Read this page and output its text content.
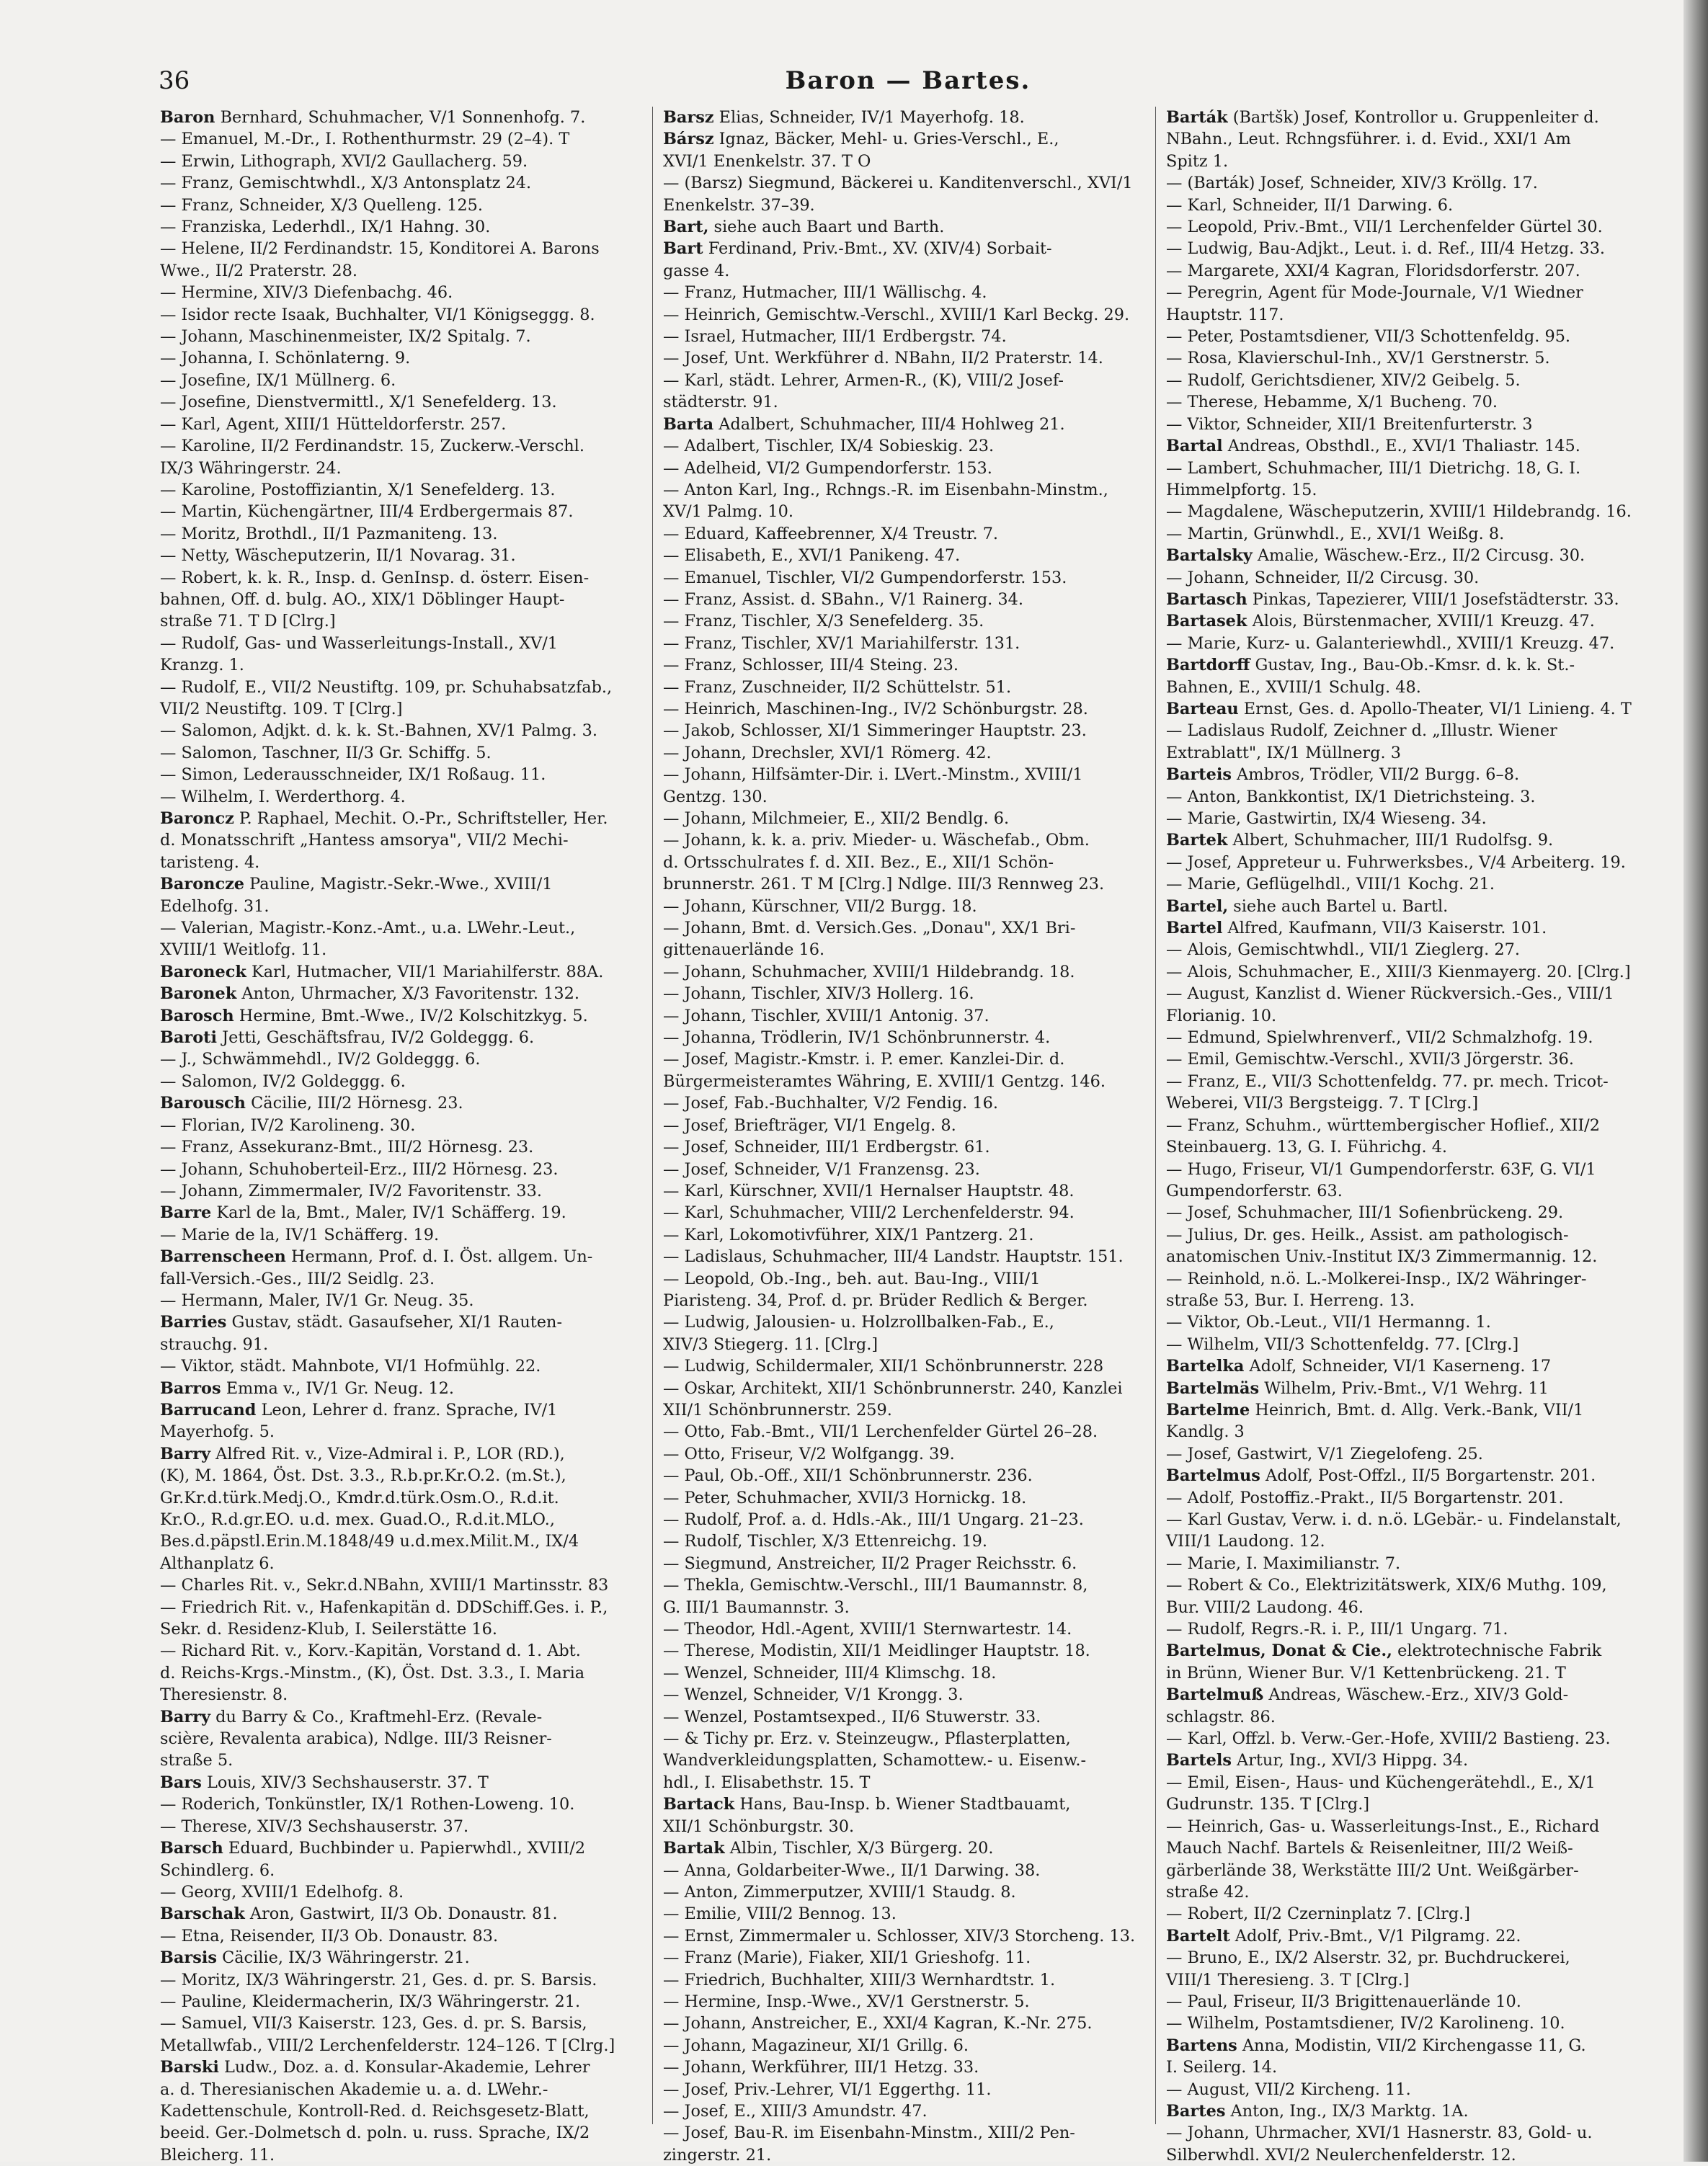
36	Baron — Bartes.
Baron Bernhard, Schuhmacher, V/1 Sonnenhofg. 7.
— Emanuel, M.-Dr., I. Rothenthurmstr. 29 (2–4). T
— Erwin, Lithograph, XVI/2 Gaullacherg. 59.
— Franz, Gemischtwhdl., X/3 Antonsplatz 24.
— Franz, Schneider, X/3 Quelleng. 125.
— Franziska, Lederhdl., IX/1 Hahng. 30.
— Helene, II/2 Ferdinandstr. 15, Konditorei A. Barons
Wwe., II/2 Praterstr. 28.
— Hermine, XIV/3 Diefenbachg. 46.
— Isidor recte Isaak, Buchhalter, VI/1 Königseggg. 8.
— Johann, Maschinenmeister, IX/2 Spitalg. 7.
— Johanna, I. Schönlaterng. 9.
— Josefine, IX/1 Müllnerg. 6.
— Josefine, Dienstvermittl., X/1 Senefelderg. 13.
— Karl, Agent, XIII/1 Hütteldorferstr. 257.
— Karoline, II/2 Ferdinandstr. 15, Zuckerw.-Verschl.
IX/3 Währingerstr. 24.
— Karoline, Postoffiziantin, X/1 Senefelderg. 13.
— Martin, Küchengärtner, III/4 Erdbergermais 87.
— Moritz, Brothdl., II/1 Pazmaniteng. 13.
— Netty, Wäscheputzerin, II/1 Novarag. 31.
— Robert, k. k. R., Insp. d. GenInsp. d. österr. Eisen-
bahnen, Off. d. bulg. AO., XIX/1 Döblinger Haupt-
straße 71. T D [Clrg.]
— Rudolf, Gas- und Wasserleitungs-Install., XV/1
Kranzg. 1.
— Rudolf, E., VII/2 Neustiftg. 109, pr. Schuhabsatzfab.,
VII/2 Neustiftg. 109. T [Clrg.]
— Salomon, Adjkt. d. k. k. St.-Bahnen, XV/1 Palmg. 3.
— Salomon, Taschner, II/3 Gr. Schiffg. 5.
— Simon, Lederausschneider, IX/1 Roßaug. 11.
— Wilhelm, I. Werderthorg. 4.
Baroncz P. Raphael, Mechit. O.-Pr., Schriftsteller, Her.
d. Monatsschrift „Hantess amsorya", VII/2 Mechi-
taristeng. 4.
Baroncze Pauline, Magistr.-Sekr.-Wwe., XVIII/1
Edelhofg. 31.
— Valerian, Magistr.-Konz.-Amt., u.a. LWehr.-Leut.,
XVIII/1 Weitlofg. 11.
Baroneck Karl, Hutmacher, VII/1 Mariahilferstr. 88A.
Baronek Anton, Uhrmacher, X/3 Favoritenstr. 132.
Barosch Hermine, Bmt.-Wwe., IV/2 Kolschitzkyg. 5.
Baroti Jetti, Geschäftsfrau, IV/2 Goldeggg. 6.
— J., Schwämmehdl., IV/2 Goldeggg. 6.
— Salomon, IV/2 Goldeggg. 6.
Barousch Cäcilie, III/2 Hörnesg. 23.
— Florian, IV/2 Karolineng. 30.
— Franz, Assekuranz-Bmt., III/2 Hörnesg. 23.
— Johann, Schuhoberteil-Erz., III/2 Hörnesg. 23.
— Johann, Zimmermaler, IV/2 Favoritenstr. 33.
Barre Karl de la, Bmt., Maler, IV/1 Schäfferg. 19.
— Marie de la, IV/1 Schäfferg. 19.
Barrenscheen Hermann, Prof. d. I. Öst. allgem. Un-
fall-Versich.-Ges., III/2 Seidlg. 23.
— Hermann, Maler, IV/1 Gr. Neug. 35.
Barries Gustav, städt. Gasaufseher, XI/1 Rauten-
strauchg. 91.
— Viktor, städt. Mahnbote, VI/1 Hofmühlg. 22.
Barros Emma v., IV/1 Gr. Neug. 12.
Barrucand Leon, Lehrer d. franz. Sprache, IV/1
Mayerhofg. 5.
Barry Alfred Rit. v., Vize-Admiral i. P., LOR (RD.),
(K), M. 1864, Öst. Dst. 3.3., R.b.pr.Kr.O.2. (m.St.),
Gr.Kr.d.türk.Medj.O., Kmdr.d.türk.Osm.O., R.d.it.
Kr.O., R.d.gr.EO. u.d. mex. Guad.O., R.d.it.MLO.,
Bes.d.päpstl.Erin.M.1848/49 u.d.mex.Milit.M., IX/4
Althanplatz 6.
— Charles Rit. v., Sekr.d.NBahn, XVIII/1 Martinsstr. 83
— Friedrich Rit. v., Hafenkapitän d. DDSchiff.Ges. i. P.,
Sekr. d. Residenz-Klub, I. Seilerstätte 16.
— Richard Rit. v., Korv.-Kapitän, Vorstand d. 1. Abt.
d. Reichs-Krgs.-Minstm., (K), Öst. Dst. 3.3., I. Maria
Theresienstr. 8.
Barry du Barry & Co., Kraftmehl-Erz. (Revale-
scière, Revalenta arabica), Ndlge. III/3 Reisner-
straße 5.
Bars Louis, XIV/3 Sechshauserstr. 37. T
— Roderich, Tonkünstler, IX/1 Rothen-Loweng. 10.
— Therese, XIV/3 Sechshauserstr. 37.
Barsch Eduard, Buchbinder u. Papierwhdl., XVIII/2
Schindlerg. 6.
— Georg, XVIII/1 Edelhofg. 8.
Barschak Aron, Gastwirt, II/3 Ob. Donaustr. 81.
— Etna, Reisender, II/3 Ob. Donaustr. 83.
Barsis Cäcilie, IX/3 Währingerstr. 21.
— Moritz, IX/3 Währingerstr. 21, Ges. d. pr. S. Barsis.
— Pauline, Kleidermacherin, IX/3 Währingerstr. 21.
— Samuel, VII/3 Kaiserstr. 123, Ges. d. pr. S. Barsis,
Metallwfab., VIII/2 Lerchenfelderstr. 124–126. T [Clrg.]
Barski Ludw., Doz. a. d. Konsular-Akademie, Lehrer
a. d. Theresianischen Akademie u. a. d. LWehr.-
Kadettenschule, Kontroll-Red. d. Reichsgesetz-Blatt,
beeid. Ger.-Dolmetsch d. poln. u. russ. Sprache, IX/2
Bleicherg. 11.
Barsz Elias, Schneider, IV/1 Mayerhofg. 18.
Bársz Ignaz, Bäcker, Mehl- u. Gries-Verschl., E.,
XVI/1 Enenkelstr. 37. T O
— (Barsz) Siegmund, Bäckerei u. Kanditenverschl., XVI/1
Enenkelstr. 37–39.
Bart, siehe auch Baart und Barth.
Bart Ferdinand, Priv.-Bmt., XV. (XIV/4) Sorbait-
gasse 4.
— Franz, Hutmacher, III/1 Wällischg. 4.
— Heinrich, Gemischtw.-Verschl., XVIII/1 Karl Beckg. 29.
— Israel, Hutmacher, III/1 Erdbergstr. 74.
— Josef, Unt. Werkführer d. NBahn, II/2 Praterstr. 14.
— Karl, städt. Lehrer, Armen-R., (K), VIII/2 Josef-
städterstr. 91.
Barta Adalbert, Schuhmacher, III/4 Hohlweg 21.
— Adalbert, Tischler, IX/4 Sobieskig. 23.
— Adelheid, VI/2 Gumpendorferstr. 153.
— Anton Karl, Ing., Rchngs.-R. im Eisenbahn-Minstm.,
XV/1 Palmg. 10.
— Eduard, Kaffeebrenner, X/4 Treustr. 7.
— Elisabeth, E., XVI/1 Panikeng. 47.
— Emanuel, Tischler, VI/2 Gumpendorferstr. 153.
— Franz, Assist. d. SBahn., V/1 Rainerg. 34.
— Franz, Tischler, X/3 Senefelderg. 35.
— Franz, Tischler, XV/1 Mariahilferstr. 131.
— Franz, Schlosser, III/4 Steing. 23.
— Franz, Zuschneider, II/2 Schüttelstr. 51.
— Heinrich, Maschinen-Ing., IV/2 Schönburgstr. 28.
— Jakob, Schlosser, XI/1 Simmeringer Hauptstr. 23.
— Johann, Drechsler, XVI/1 Römerg. 42.
— Johann, Hilfsämter-Dir. i. LVert.-Minstm., XVIII/1
Gentzg. 130.
— Johann, Milchmeier, E., XII/2 Bendlg. 6.
— Johann, k. k. a. priv. Mieder- u. Wäschefab., Obm.
d. Ortsschulrates f. d. XII. Bez., E., XII/1 Schön-
brunnerstr. 261. T M [Clrg.] Ndlge. III/3 Rennweg 23.
— Johann, Kürschner, VII/2 Burgg. 18.
— Johann, Bmt. d. Versich.Ges. „Donau", XX/1 Bri-
gittenauerlände 16.
— Johann, Schuhmacher, XVIII/1 Hildebrandg. 18.
— Johann, Tischler, XIV/3 Hollerg. 16.
— Johann, Tischler, XVIII/1 Antonig. 37.
— Johanna, Trödlerin, IV/1 Schönbrunnerstr. 4.
— Josef, Magistr.-Kmstr. i. P. emer. Kanzlei-Dir. d.
Bürgermeisteramtes Währing, E. XVIII/1 Gentzg. 146.
— Josef, Fab.-Buchhalter, V/2 Fendig. 16.
— Josef, Briefträger, VI/1 Engelg. 8.
— Josef, Schneider, III/1 Erdbergstr. 61.
— Josef, Schneider, V/1 Franzensg. 23.
— Karl, Kürschner, XVII/1 Hernalser Hauptstr. 48.
— Karl, Schuhmacher, VIII/2 Lerchenfelderstr. 94.
— Karl, Lokomotivführer, XIX/1 Pantzerg. 21.
— Ladislaus, Schuhmacher, III/4 Landstr. Hauptstr. 151.
— Leopold, Ob.-Ing., beh. aut. Bau-Ing., VIII/1
Piaristeng. 34, Prof. d. pr. Brüder Redlich & Berger.
— Ludwig, Jalousien- u. Holzrollbalken-Fab., E.,
XIV/3 Stiegerg. 11. [Clrg.]
— Ludwig, Schildermaler, XII/1 Schönbrunnerstr. 228
— Oskar, Architekt, XII/1 Schönbrunnerstr. 240, Kanzlei
XII/1 Schönbrunnerstr. 259.
— Otto, Fab.-Bmt., VII/1 Lerchenfelder Gürtel 26–28.
— Otto, Friseur, V/2 Wolfgangg. 39.
— Paul, Ob.-Off., XII/1 Schönbrunnerstr. 236.
— Peter, Schuhmacher, XVII/3 Hornickg. 18.
— Rudolf, Prof. a. d. Hdls.-Ak., III/1 Ungarg. 21–23.
— Rudolf, Tischler, X/3 Ettenreichg. 19.
— Siegmund, Anstreicher, II/2 Prager Reichsstr. 6.
— Thekla, Gemischtw.-Verschl., III/1 Baumannstr. 8,
G. III/1 Baumannstr. 3.
— Theodor, Hdl.-Agent, XVIII/1 Sternwartestr. 14.
— Therese, Modistin, XII/1 Meidlinger Hauptstr. 18.
— Wenzel, Schneider, III/4 Klimschg. 18.
— Wenzel, Schneider, V/1 Krongg. 3.
— Wenzel, Postamtsexped., II/6 Stuwerstr. 33.
— & Tichy pr. Erz. v. Steinzeugw., Pflasterplatten,
Wandverkleidungsplatten, Schamottew.- u. Eisenw.-
hdl., I. Elisabethstr. 15. T
Bartack Hans, Bau-Insp. b. Wiener Stadtbauamt,
XII/1 Schönburgstr. 30.
Bartak Albin, Tischler, X/3 Bürgerg. 20.
— Anna, Goldarbeiter-Wwe., II/1 Darwing. 38.
— Anton, Zimmerputzer, XVIII/1 Staudg. 8.
— Emilie, VIII/2 Bennog. 13.
— Ernst, Zimmermaler u. Schlosser, XIV/3 Storcheng. 13.
— Franz (Marie), Fiaker, XII/1 Grieshofg. 11.
— Friedrich, Buchhalter, XIII/3 Wernhardtstr. 1.
— Hermine, Insp.-Wwe., XV/1 Gerstnerstr. 5.
— Johann, Anstreicher, E., XXI/4 Kagran, K.-Nr. 275.
— Johann, Magazineur, XI/1 Grillg. 6.
— Johann, Werkführer, III/1 Hetzg. 33.
— Josef, Priv.-Lehrer, VI/1 Eggerthg. 11.
— Josef, E., XIII/3 Amundstr. 47.
— Josef, Bau-R. im Eisenbahn-Minstm., XIII/2 Pen-
zingerstr. 21.
Barták (Bartšk) Josef, Kontrollor u. Gruppenleiter d.
NBahn., Leut. Rchngsführer. i. d. Evid., XXI/1 Am
Spitz 1.
— (Barták) Josef, Schneider, XIV/3 Kröllg. 17.
— Karl, Schneider, II/1 Darwing. 6.
— Leopold, Priv.-Bmt., VII/1 Lerchenfelder Gürtel 30.
— Ludwig, Bau-Adjkt., Leut. i. d. Ref., III/4 Hetzg. 33.
— Margarete, XXI/4 Kagran, Floridsdorferstr. 207.
— Peregrin, Agent für Mode-Journale, V/1 Wiedner
Hauptstr. 117.
— Peter, Postamtsdiener, VII/3 Schottenfeldg. 95.
— Rosa, Klavierschul-Inh., XV/1 Gerstnerstr. 5.
— Rudolf, Gerichtsdiener, XIV/2 Geibelg. 5.
— Therese, Hebamme, X/1 Bucheng. 70.
— Viktor, Schneider, XII/1 Breitenfurterstr. 3
Bartal Andreas, Obsthdl., E., XVI/1 Thaliastr. 145.
— Lambert, Schuhmacher, III/1 Dietrichg. 18, G. I.
Himmelpfortg. 15.
— Magdalene, Wäscheputzerin, XVIII/1 Hildebrandg. 16.
— Martin, Grünwhdl., E., XVI/1 Weißg. 8.
Bartalsky Amalie, Wäschew.-Erz., II/2 Circusg. 30.
— Johann, Schneider, II/2 Circusg. 30.
Bartasch Pinkas, Tapezierer, VIII/1 Josefstädterstr. 33.
Bartasek Alois, Bürstenmacher, XVIII/1 Kreuzg. 47.
— Marie, Kurz- u. Galanteriewhdl., XVIII/1 Kreuzg. 47.
Bartdorff Gustav, Ing., Bau-Ob.-Kmsr. d. k. k. St.-
Bahnen, E., XVIII/1 Schulg. 48.
Barteau Ernst, Ges. d. Apollo-Theater, VI/1 Linieng. 4. T
— Ladislaus Rudolf, Zeichner d. „Illustr. Wiener
Extrablatt", IX/1 Müllnerg. 3
Barteis Ambros, Trödler, VII/2 Burgg. 6–8.
— Anton, Bankkontist, IX/1 Dietrichsteing. 3.
— Marie, Gastwirtin, IX/4 Wieseng. 34.
Bartek Albert, Schuhmacher, III/1 Rudolfsg. 9.
— Josef, Appreteur u. Fuhrwerksbes., V/4 Arbeiterg. 19.
— Marie, Geflügelhdl., VIII/1 Kochg. 21.
Bartel, siehe auch Bartel u. Bartl.
Bartel Alfred, Kaufmann, VII/3 Kaiserstr. 101.
— Alois, Gemischtwhdl., VII/1 Zieglerg. 27.
— Alois, Schuhmacher, E., XIII/3 Kienmayerg. 20. [Clrg.]
— August, Kanzlist d. Wiener Rückversich.-Ges., VIII/1
Florianig. 10.
— Edmund, Spielwhrenverf., VII/2 Schmalzhofg. 19.
— Emil, Gemischtw.-Verschl., XVII/3 Jörgerstr. 36.
— Franz, E., VII/3 Schottenfeldg. 77. pr. mech. Tricot-
Weberei, VII/3 Bergsteigg. 7. T [Clrg.]
— Franz, Schuhm., württembergischer Hoflief., XII/2
Steinbauerg. 13, G. I. Führichg. 4.
— Hugo, Friseur, VI/1 Gumpendorferstr. 63F, G. VI/1
Gumpendorferstr. 63.
— Josef, Schuhmacher, III/1 Sofienbrückeng. 29.
— Julius, Dr. ges. Heilk., Assist. am pathologisch-
anatomischen Univ.-Institut IX/3 Zimmermannig. 12.
— Reinhold, n.ö. L.-Molkerei-Insp., IX/2 Währinger-
straße 53, Bur. I. Herreng. 13.
— Viktor, Ob.-Leut., VII/1 Hermanng. 1.
— Wilhelm, VII/3 Schottenfeldg. 77. [Clrg.]
Bartelka Adolf, Schneider, VI/1 Kaserneng. 17
Bartelmäs Wilhelm, Priv.-Bmt., V/1 Wehrg. 11
Bartelme Heinrich, Bmt. d. Allg. Verk.-Bank, VII/1
Kandlg. 3
— Josef, Gastwirt, V/1 Ziegelofeng. 25.
Bartelmus Adolf, Post-Offzl., II/5 Borgartenstr. 201.
— Adolf, Postoffiz.-Prakt., II/5 Borgartenstr. 201.
— Karl Gustav, Verw. i. d. n.ö. LGebär.- u. Findelanstalt,
VIII/1 Laudong. 12.
— Marie, I. Maximilianstr. 7.
— Robert & Co., Elektrizitätswerk, XIX/6 Muthg. 109,
Bur. VIII/2 Laudong. 46.
— Rudolf, Regrs.-R. i. P., III/1 Ungarg. 71.
Bartelmus, Donat & Cie., elektrotechnische Fabrik
in Brünn, Wiener Bur. V/1 Kettenbrückeng. 21. T
Bartelmuß Andreas, Wäschew.-Erz., XIV/3 Gold-
schlagstr. 86.
— Karl, Offzl. b. Verw.-Ger.-Hofe, XVIII/2 Bastieng. 23.
Bartels Artur, Ing., XVI/3 Hippg. 34.
— Emil, Eisen-, Haus- und Küchengerätehdl., E., X/1
Gudrunstr. 135. T [Clrg.]
— Heinrich, Gas- u. Wasserleitungs-Inst., E., Richard
Mauch Nachf. Bartels & Reisenleitner, III/2 Weiß-
gärberlände 38, Werkstätte III/2 Unt. Weißgärber-
straße 42.
— Robert, II/2 Czerninplatz 7. [Clrg.]
Bartelt Adolf, Priv.-Bmt., V/1 Pilgramg. 22.
— Bruno, E., IX/2 Alserstr. 32, pr. Buchdruckerei,
VIII/1 Theresieng. 3. T [Clrg.]
— Paul, Friseur, II/3 Brigittenauerlände 10.
— Wilhelm, Postamtsdiener, IV/2 Karolineng. 10.
Bartens Anna, Modistin, VII/2 Kirchengasse 11, G.
I. Seilerg. 14.
— August, VII/2 Kircheng. 11.
Bartes Anton, Ing., IX/3 Marktg. 1A.
— Johann, Uhrmacher, XVI/1 Hasnerstr. 83, Gold- u.
Silberwhdl. XVI/2 Neulerchenfelderstr. 12.
